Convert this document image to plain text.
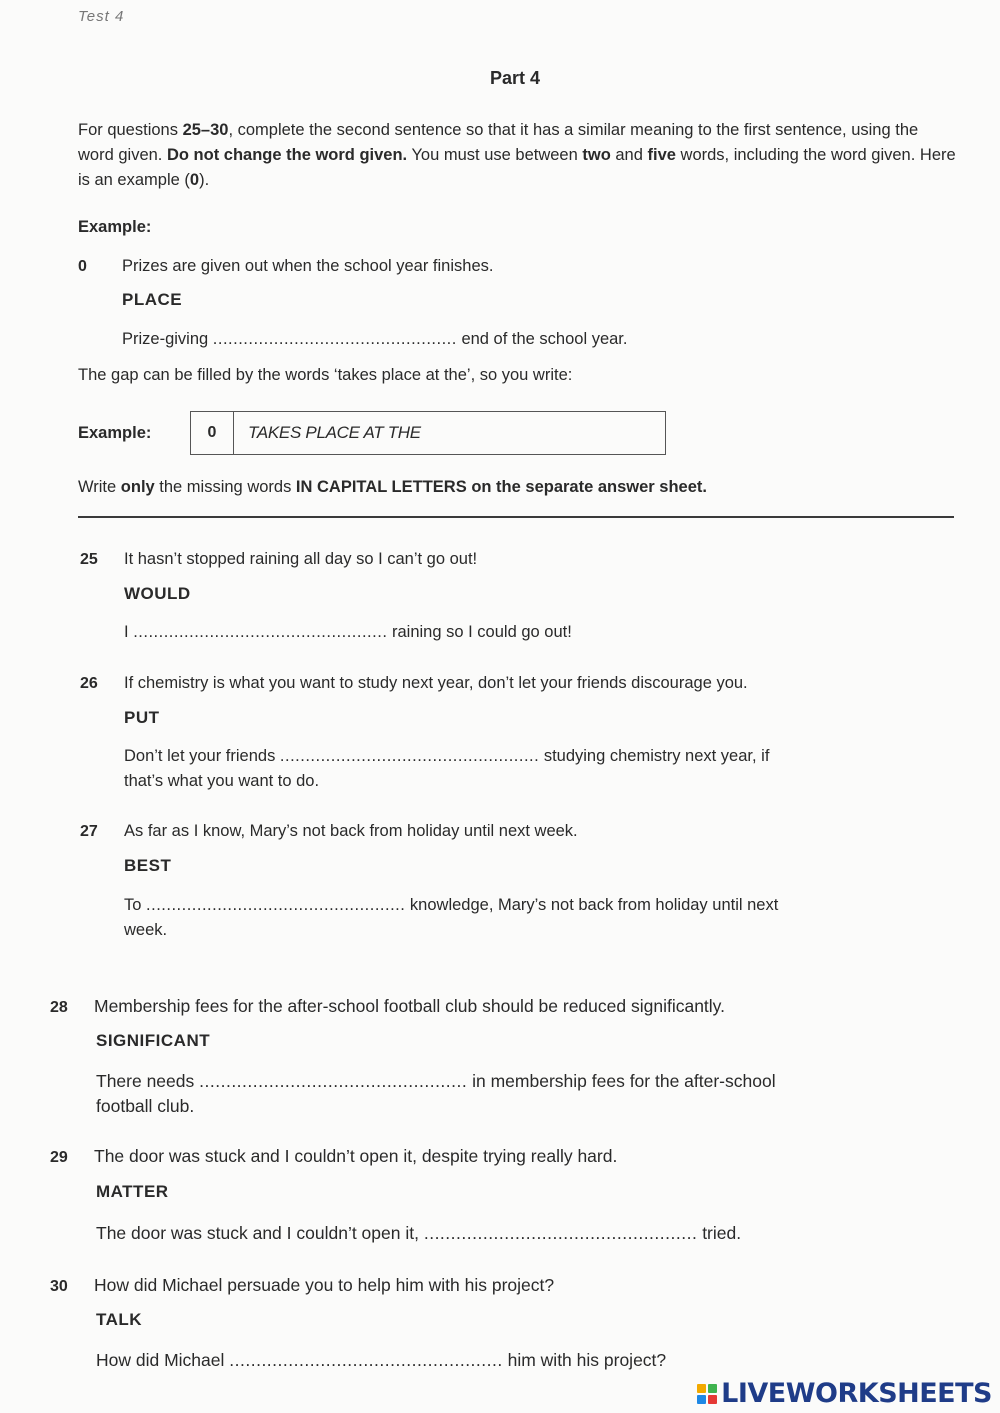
Test 4
Part 4
For questions 25–30, complete the second sentence so that it has a similar meaning to the first sentence, using the word given. Do not change the word given. You must use between two and five words, including the word given. Here is an example (0).
Example:
0 Prizes are given out when the school year finishes.
PLACE
Prize-giving ................................................ end of the school year.
The gap can be filled by the words ‘takes place at the’, so you write:
Example:	0	TAKES PLACE AT THE
Write only the missing words IN CAPITAL LETTERS on the separate answer sheet.
25 It hasn’t stopped raining all day so I can’t go out!
WOULD
I .................................................. raining so I could go out!
26 If chemistry is what you want to study next year, don’t let your friends discourage you.
PUT
Don’t let your friends ................................................... studying chemistry next year, if
that’s what you want to do.
27 As far as I know, Mary’s not back from holiday until next week.
BEST
To ................................................... knowledge, Mary’s not back from holiday until next
week.
28 Membership fees for the after-school football club should be reduced significantly.
SIGNIFICANT
There needs .................................................. in membership fees for the after-school
football club.
29 The door was stuck and I couldn’t open it, despite trying really hard.
MATTER
The door was stuck and I couldn’t open it, ................................................... tried.
30 How did Michael persuade you to help him with his project?
TALK
How did Michael ................................................... him with his project?
LIVEWORKSHEETS
